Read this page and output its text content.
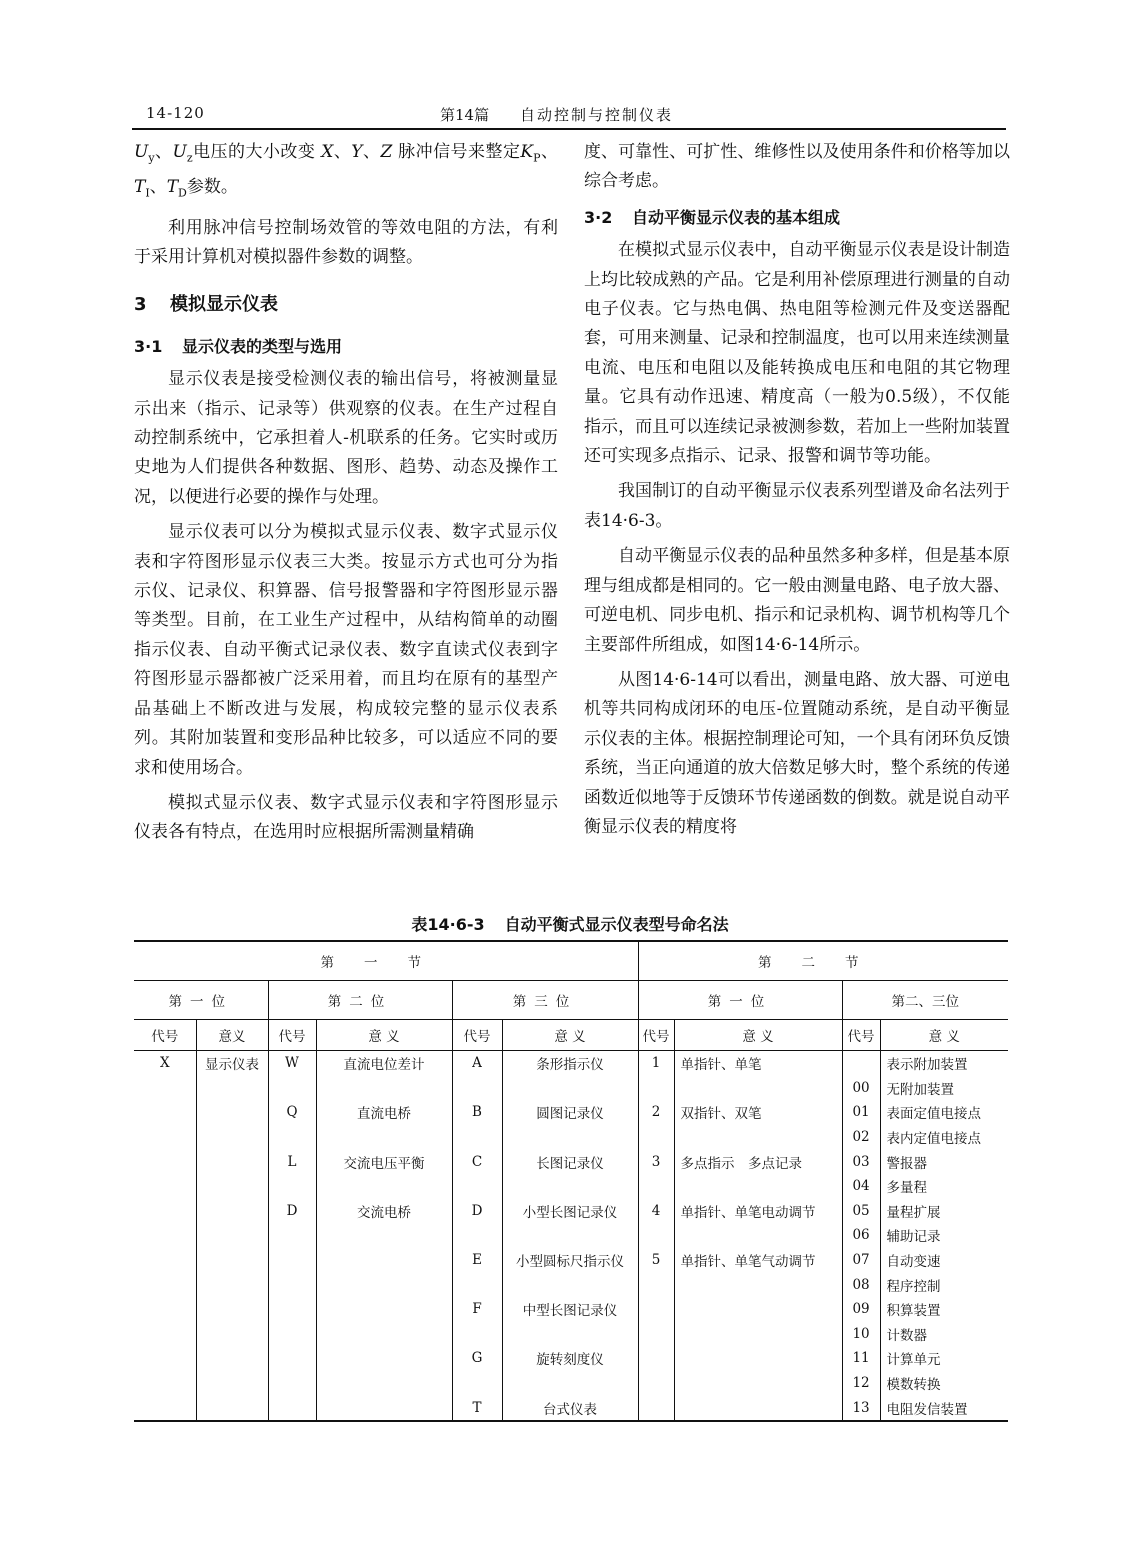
14-120	第14篇 自动控制与控制仪表

$U_y$、$U_z$电压的大小改变 X、Y、Z 脉冲信号来整定$K_P$、$T_I$、$T_D$参数。

利用脉冲信号控制场效管的等效电阻的方法，有利于采用计算机对模拟器件参数的调整。

3 模拟显示仪表
3·1 显示仪表的类型与选用

显示仪表是接受检测仪表的输出信号，将被测量显示出来（指示、记录等）供观察的仪表。在生产过程自动控制系统中，它承担着人-机联系的任务。它实时或历史地为人们提供各种数据、图形、趋势、动态及操作工况，以便进行必要的操作与处理。

显示仪表可以分为模拟式显示仪表、数字式显示仪表和字符图形显示仪表三大类。按显示方式也可分为指示仪、记录仪、积算器、信号报警器和字符图形显示器等类型。目前，在工业生产过程中，从结构简单的动圈指示仪表、自动平衡式记录仪表、数字直读式仪表到字符图形显示器都被广泛采用着，而且均在原有的基型产品基础上不断改进与发展，构成较完整的显示仪表系列。其附加装置和变形品种比较多，可以适应不同的要求和使用场合。

模拟式显示仪表、数字式显示仪表和字符图形显示仪表各有特点，在选用时应根据所需测量精确

度、可靠性、可扩性、维修性以及使用条件和价格等加以综合考虑。

3·2 自动平衡显示仪表的基本组成

在模拟式显示仪表中，自动平衡显示仪表是设计制造上均比较成熟的产品。它是利用补偿原理进行测量的自动电子仪表。它与热电偶、热电阻等检测元件及变送器配套，可用来测量、记录和控制温度，也可以用来连续测量电流、电压和电阻以及能转换成电压和电阻的其它物理量。它具有动作迅速、精度高（一般为0.5级），不仅能指示，而且可以连续记录被测参数，若加上一些附加装置还可实现多点指示、记录、报警和调节等功能。

我国制订的自动平衡显示仪表系列型谱及命名法列于表14·6-3。

自动平衡显示仪表的品种虽然多种多样，但是基本原理与组成都是相同的。它一般由测量电路、电子放大器、可逆电机、同步电机、指示和记录机构、调节机构等几个主要部件所组成，如图14·6-14所示。

从图14·6-14可以看出，测量电路、放大器、可逆电机等共同构成闭环的电压-位置随动系统，是自动平衡显示仪表的主体。根据控制理论可知，一个具有闭环负反馈系统，当正向通道的放大倍数足够大时，整个系统的传递函数近似地等于反馈环节传递函数的倒数。就是说自动平衡显示仪表的精度将

表14·6-3 自动平衡式显示仪表型号命名法
第一节						第二节			
第一位		第二位		第三位		第一位		第二、三位	
代号	意义	代号	意 义	代号	意 义	代号	意 义	代号	意 义
X	显示仪表	W	直流电位差计	A	条形指示仪	1	单指针、单笔		表示附加装置
								00	无附加装置
		Q	直流电桥	B	圆图记录仪	2	双指针、双笔	01	表面定值电接点
								02	表内定值电接点
		L	交流电压平衡	C	长图记录仪	3	多点指示　多点记录	03	警报器
								04	多量程
		D	交流电桥	D	小型长图记录仪	4	单指针、单笔电动调节	05	量程扩展
								06	辅助记录
				E	小型圆标尺指示仪	5	单指针、单笔气动调节	07	自动变速
								08	程序控制
				F	中型长图记录仪			09	积算装置
								10	计数器
				G	旋转刻度仪			11	计算单元
								12	模数转换
				T	台式仪表			13	电阻发信装置
